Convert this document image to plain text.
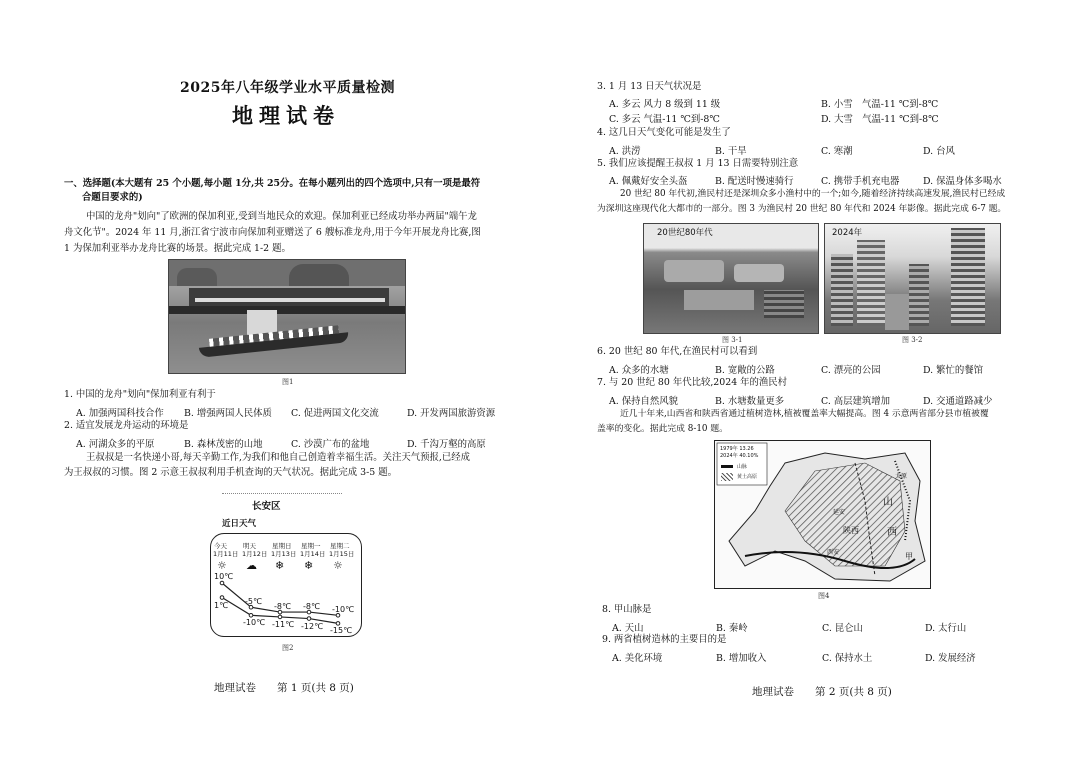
2025年八年级学业水平质量检测
地理试卷
一、选择题(本大题有 25 个小题,每小题 1分,共 25分。在每小题列出的四个选项中,只有一项是最符
合题目要求的)
中国的龙舟"划向"了欧洲的保加利亚,受到当地民众的欢迎。保加利亚已经成功举办两届"端午龙
舟文化节"。2024 年 11 月,浙江省宁波市向保加利亚赠送了 6 艘标准龙舟,用于今年开展龙舟比赛,图
1 为保加利亚举办龙舟比赛的场景。据此完成 1-2 题。
图1
1. 中国的龙舟"划向"保加利亚有利于
A. 加强两国科技合作 B. 增强两国人民体质 C. 促进两国文化交流	D. 开发两国旅游资源
2. 适宜发展龙舟运动的环境是
A. 河湖众多的平原	B. 森林茂密的山地	C. 沙漠广布的盆地	D. 千沟万壑的高原
王叔叔是一名快递小哥,每天辛勤工作,为我们和他自己创造着幸福生活。关注天气预报,已经成
为王叔叔的习惯。图 2 示意王叔叔利用手机查询的天气状况。据此完成 3-5 题。
长安区
近日天气
今天
1月11日
☼
明天
1月12日
☁
星期日
1月13日
❄
星期一
1月14日
❄
星期二
1月15日
☼
10℃
1℃ -5℃
-10℃
-8℃
-11℃
-8℃
-12℃
-10℃
-15℃
图2
地理试卷　　第 1 页(共 8 页)
3. 1 月 13 日天气状况是
A. 多云 风力 8 级到 11 级	B. 小雪　气温-11 ℃到-8℃
C. 多云 气温-11 ℃到-8℃	D. 大雪　气温-11 ℃到-8℃
4. 这几日天气变化可能是发生了
A. 洪涝	B. 干旱	C. 寒潮	D. 台风
5. 我们应该提醒王叔叔 1 月 13 日需要特别注意
A. 佩戴好安全头盔	B. 配送时慢速骑行	C. 携带手机充电器	D. 保温身体多喝水
20 世纪 80 年代初,渔民村还是深圳众多小渔村中的一个;如今,随着经济持续高速发展,渔民村已经成
为深圳这座现代化大都市的一部分。图 3 为渔民村 20 世纪 80 年代和 2024 年影像。据此完成 6-7 题。
20世纪80年代	2024年
图 3-1	图 3-2
6. 20 世纪 80 年代,在渔民村可以看到
A. 众多的水塘	B. 宽敞的公路	C. 漂亮的公园	D. 繁忙的餐馆
7. 与 20 世纪 80 年代比较,2024 年的渔民村
A. 保持自然风貌	B. 水塘数量更多	C. 高层建筑增加	D. 交通道路减少
近几十年来,山西省和陕西省通过植树造林,植被覆盖率大幅提高。图 4 示意两省部分县市植被覆
盖率的变化。据此完成 8-10 题。
1979年 13.26
2024年 40.10%
山脉
黄土高原
山
西
陕西
甲
延安
西安
太原
图4
8. 甲山脉是
A. 天山	B. 秦岭	C. 昆仑山	D. 太行山
9. 两省植树造林的主要目的是
A. 美化环境	B. 增加收入	C. 保持水土	D. 发展经济
地理试卷　　第 2 页(共 8 页)
